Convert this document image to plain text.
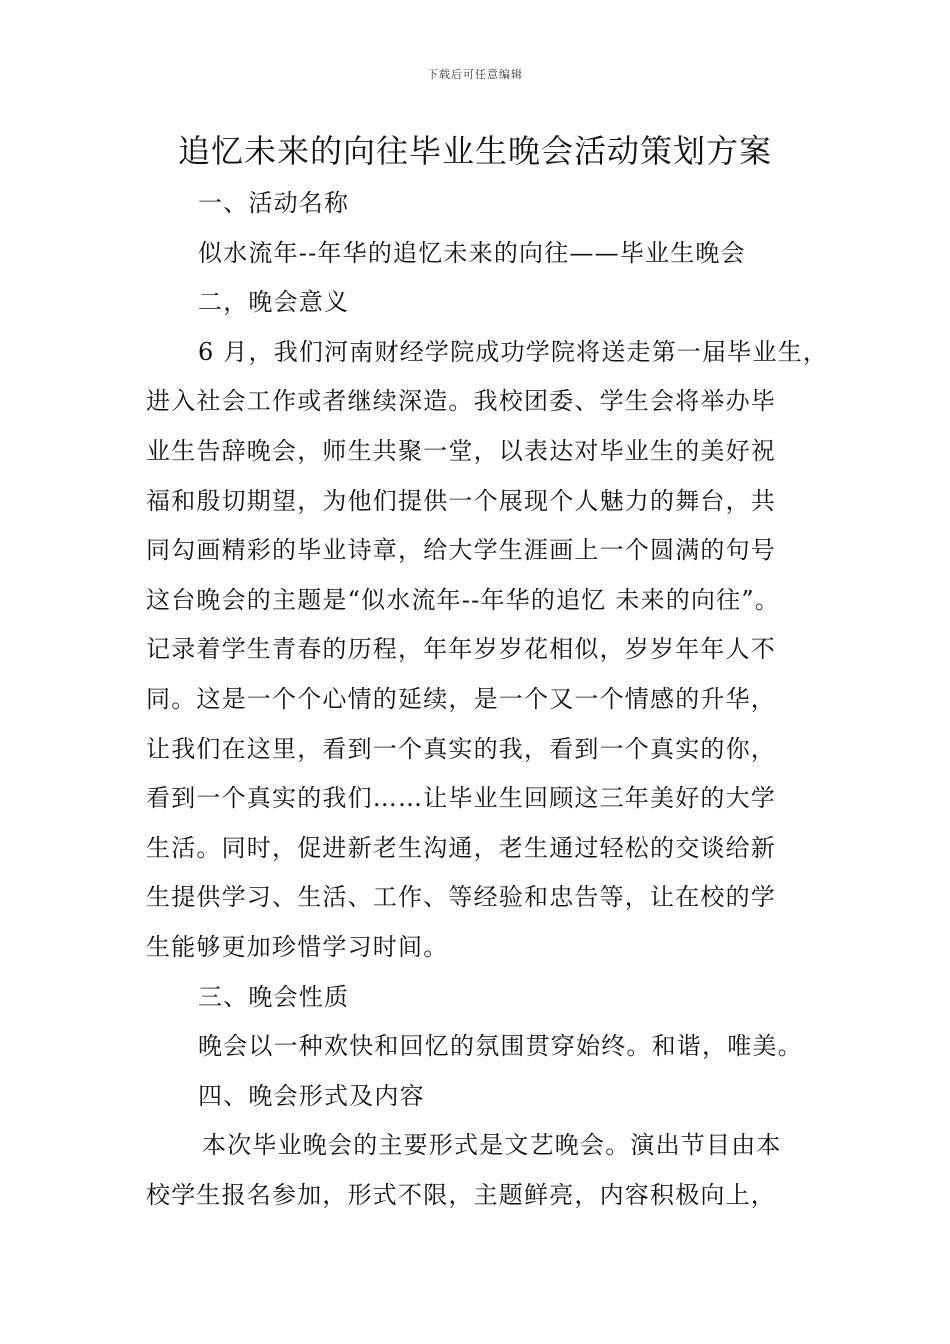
下载后可任意编辑
追忆未来的向往毕业生晚会活动策划方案

一、活动名称

似水流年--年华的追忆未来的向往——毕业生晚会

二，晚会意义

6 月，我们河南财经学院成功学院将送走第一届毕业生，

进入社会工作或者继续深造。我校团委、学生会将举办毕

业生告辞晚会，师生共聚一堂，以表达对毕业生的美好祝

福和殷切期望，为他们提供一个展现个人魅力的舞台，共

同勾画精彩的毕业诗章，给大学生涯画上一个圆满的句号

这台晚会的主题是“似水流年--年华的追忆 未来的向往”。

记录着学生青春的历程，年年岁岁花相似，岁岁年年人不

同。这是一个个心情的延续，是一个又一个情感的升华，

让我们在这里，看到一个真实的我，看到一个真实的你，

看到一个真实的我们……让毕业生回顾这三年美好的大学

生活。同时，促进新老生沟通，老生通过轻松的交谈给新

生提供学习、生活、工作、等经验和忠告等，让在校的学

生能够更加珍惜学习时间。

三、晚会性质

晚会以一种欢快和回忆的氛围贯穿始终。和谐，唯美。

四、晚会形式及内容

本次毕业晚会的主要形式是文艺晚会。演出节目由本

校学生报名参加，形式不限，主题鲜亮，内容积极向上，
